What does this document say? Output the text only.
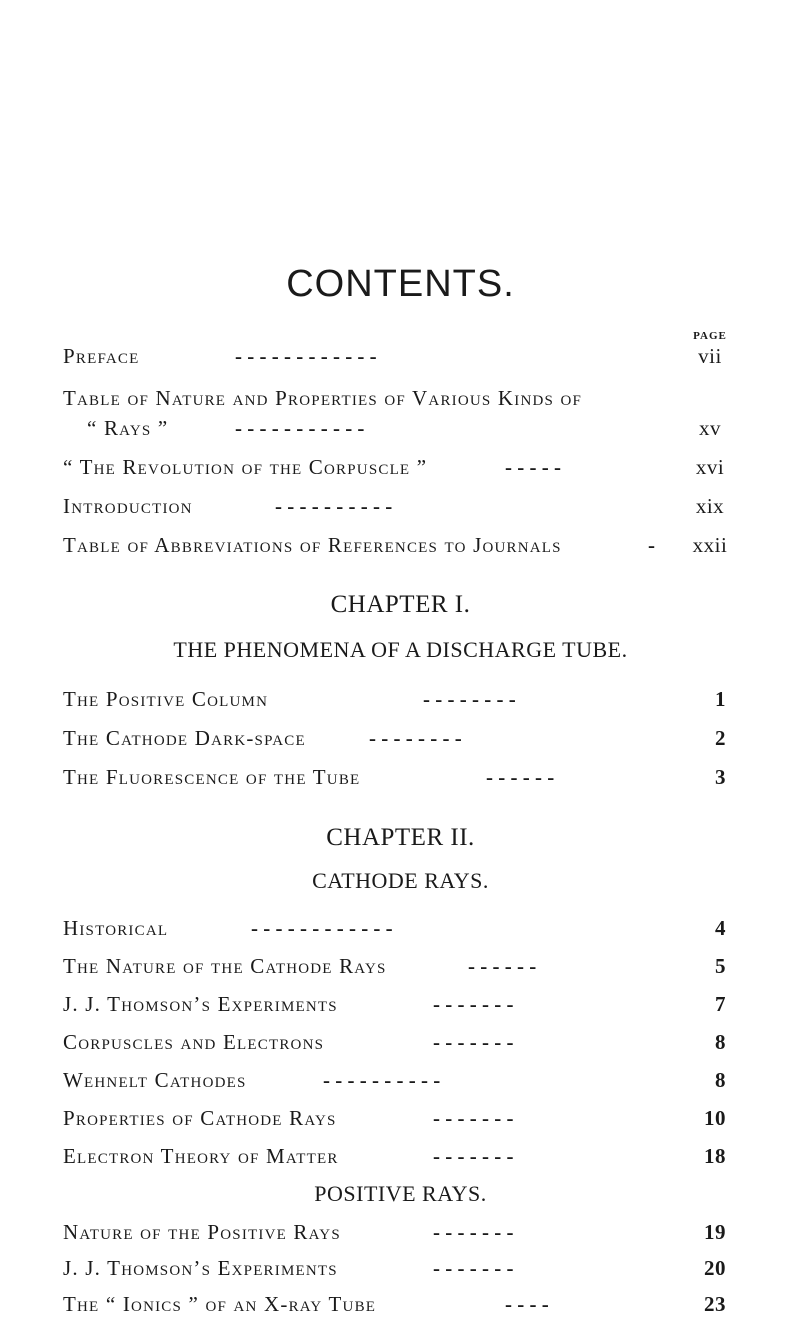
CONTENTS.
PAGE
Preface	- - - - - - - - - - - -	vii
Table of Nature and Properties of Various Kinds of
“ Rays ”	- - - - - - - - - - -	xv
“ The Revolution of the Corpuscle ”	- - - - -	xvi
Introduction	- - - - - - - - - -	xix
Table of Abbreviations of References to Journals	-	xxii
CHAPTER I.
THE PHENOMENA OF A DISCHARGE TUBE.
The Positive Column	- - - - - - - -	1
The Cathode Dark-space	- - - - - - - -	2
The Fluorescence of the Tube	- - - - - -	3
CHAPTER II.
CATHODE RAYS.
Historical	- - - - - - - - - - - -	4
The Nature of the Cathode Rays	- - - - - -	5
J. J. Thomson’s Experiments	- - - - - - -	7
Corpuscles and Electrons	- - - - - - -	8
Wehnelt Cathodes	- - - - - - - - - -	8
Properties of Cathode Rays	- - - - - - -	10
Electron Theory of Matter	- - - - - - -	18
POSITIVE RAYS.
Nature of the Positive Rays	- - - - - - -	19
J. J. Thomson’s Experiments	- - - - - - -	20
The “ Ionics ” of an X-ray Tube	- - - -	23
